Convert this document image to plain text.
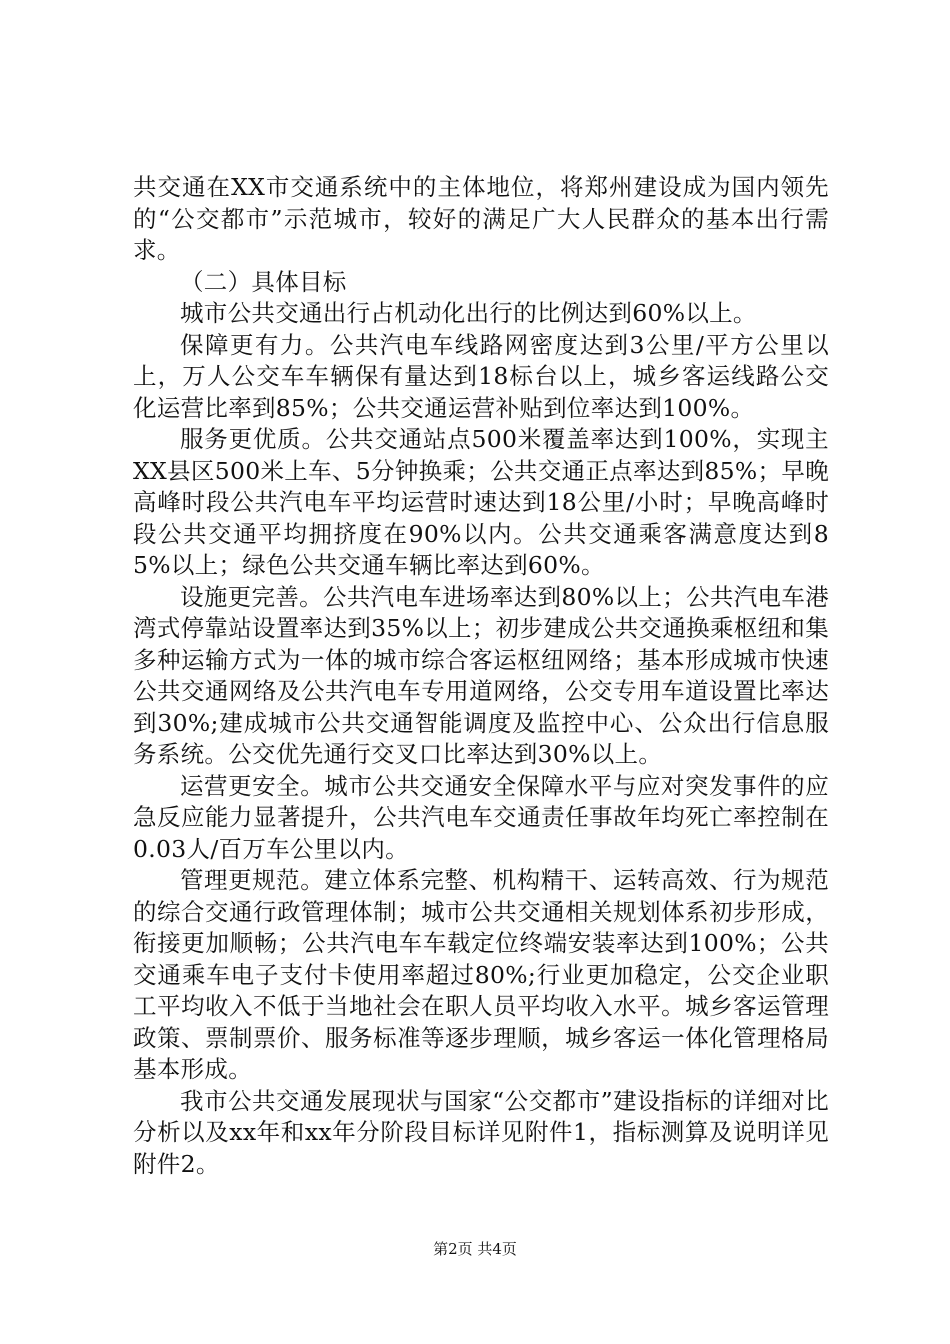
共交通在XX市交通系统中的主体地位，将郑州建设成为国内领先的“公交都市”示范城市，较好的满足广大人民群众的基本出行需求。

（二）具体目标

城市公共交通出行占机动化出行的比例达到60%以上。

保障更有力。公共汽电车线路网密度达到3公里/平方公里以上，万人公交车车辆保有量达到18标台以上，城乡客运线路公交化运营比率到85%；公共交通运营补贴到位率达到100%。

服务更优质。公共交通站点500米覆盖率达到100%，实现主XX县区500米上车、5分钟换乘；公共交通正点率达到85%；早晚高峰时段公共汽电车平均运营时速达到18公里/小时；早晚高峰时段公共交通平均拥挤度在90%以内。公共交通乘客满意度达到85%以上；绿色公共交通车辆比率达到60%。

设施更完善。公共汽电车进场率达到80%以上；公共汽电车港湾式停靠站设置率达到35%以上；初步建成公共交通换乘枢纽和集多种运输方式为一体的城市综合客运枢纽网络；基本形成城市快速公共交通网络及公共汽电车专用道网络，公交专用车道设置比率达到30%;建成城市公共交通智能调度及监控中心、公众出行信息服务系统。公交优先通行交叉口比率达到30%以上。

运营更安全。城市公共交通安全保障水平与应对突发事件的应急反应能力显著提升，公共汽电车交通责任事故年均死亡率控制在0.03人/百万车公里以内。

管理更规范。建立体系完整、机构精干、运转高效、行为规范的综合交通行政管理体制；城市公共交通相关规划体系初步形成，衔接更加顺畅；公共汽电车车载定位终端安装率达到100%；公共交通乘车电子支付卡使用率超过80%;行业更加稳定，公交企业职工平均收入不低于当地社会在职人员平均收入水平。城乡客运管理政策、票制票价、服务标准等逐步理顺，城乡客运一体化管理格局基本形成。

我市公共交通发展现状与国家“公交都市”建设指标的详细对比分析以及xx年和xx年分阶段目标详见附件1，指标测算及说明详见附件2。

第2页 共4页
